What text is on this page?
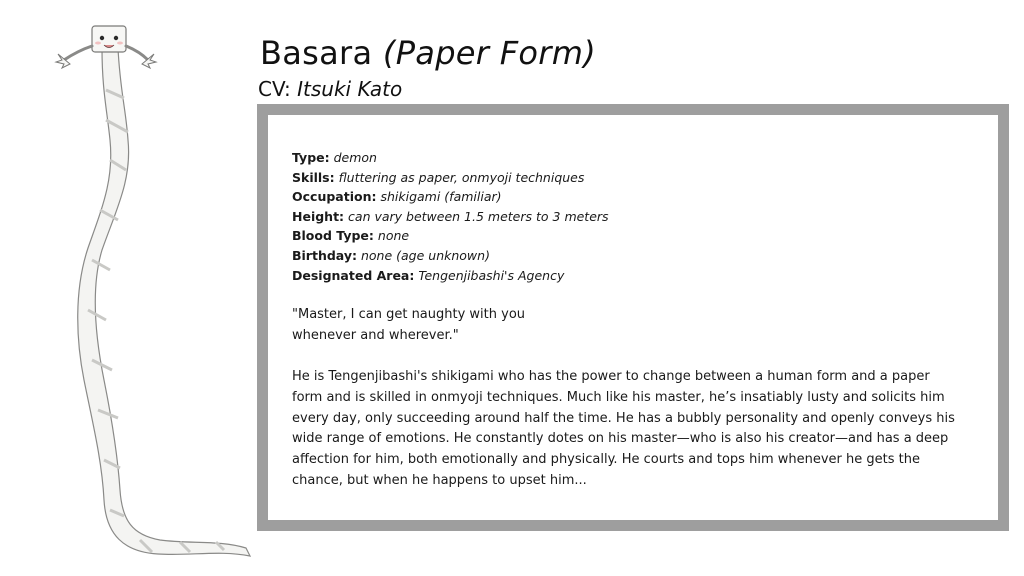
Basara (Paper Form)

CV: Itsuki Kato

Type: demon
Skills: fluttering as paper, onmyoji techniques
Occupation: shikigami (familiar)
Height: can vary between 1.5 meters to 3 meters
Blood Type: none
Birthday: none (age unknown)
Designated Area: Tengenjibashi's Agency

"Master, I can get naughty with you
whenever and wherever."

He is Tengenjibashi's shikigami who has the power to change between a human form and a paper
form and is skilled in onmyoji techniques. Much like his master, he’s insatiably lusty and solicits him
every day, only succeeding around half the time. He has a bubbly personality and openly conveys his
wide range of emotions. He constantly dotes on his master—who is also his creator—and has a deep
affection for him, both emotionally and physically. He courts and tops him whenever he gets the
chance, but when he happens to upset him...
